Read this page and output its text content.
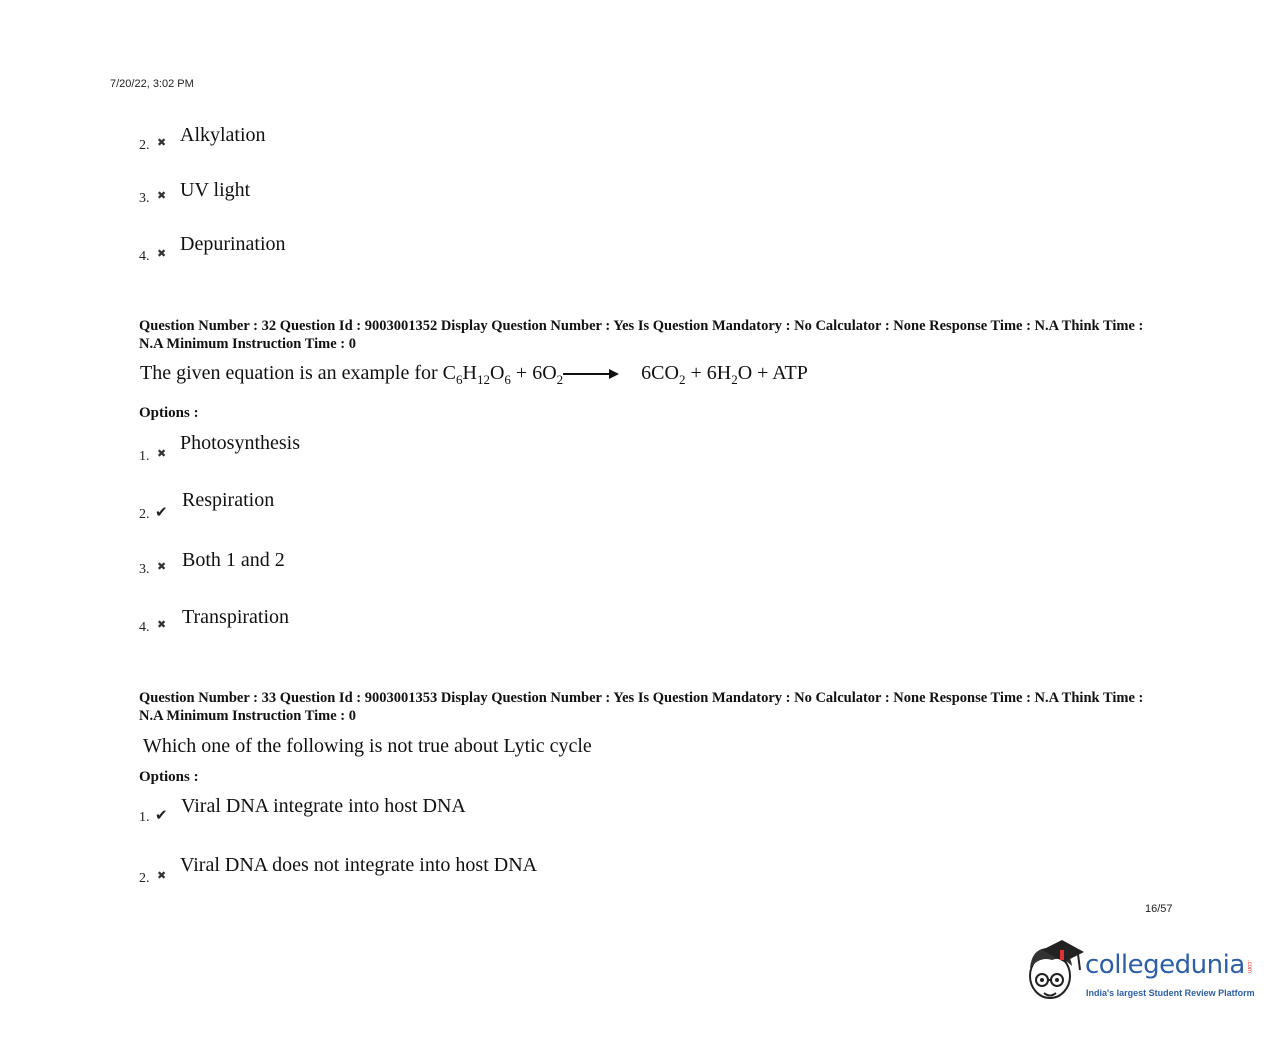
7/20/22, 3:02 PM
2. ✖ Alkylation
3. ✖ UV light
4. ✖ Depurination
Question Number : 32 Question Id : 9003001352 Display Question Number : Yes Is Question Mandatory : No Calculator : None Response Time : N.A Think Time : N.A Minimum Instruction Time : 0
The given equation is an example for $C_6H_{12}O_6 + 6O_2\to 6CO_2 + 6H_2O$ + ATP
Options :
1. ✖ Photosynthesis
2. ✔
Respiration
3. ✖ Both 1 and 2
4. ✖ Transpiration
Question Number : 33 Question Id : 9003001353 Display Question Number : Yes Is Question Mandatory : No Calculator : None Response Time : N.A Think Time : N.A Minimum Instruction Time : 0
Which one of the following is not true about Lytic cycle
Options :
1. ✔ Viral DNA integrate into host DNA
2. ✖ Viral DNA does not integrate into host DNA
16/57
collegedunia .com
India's largest Student Review Platform
